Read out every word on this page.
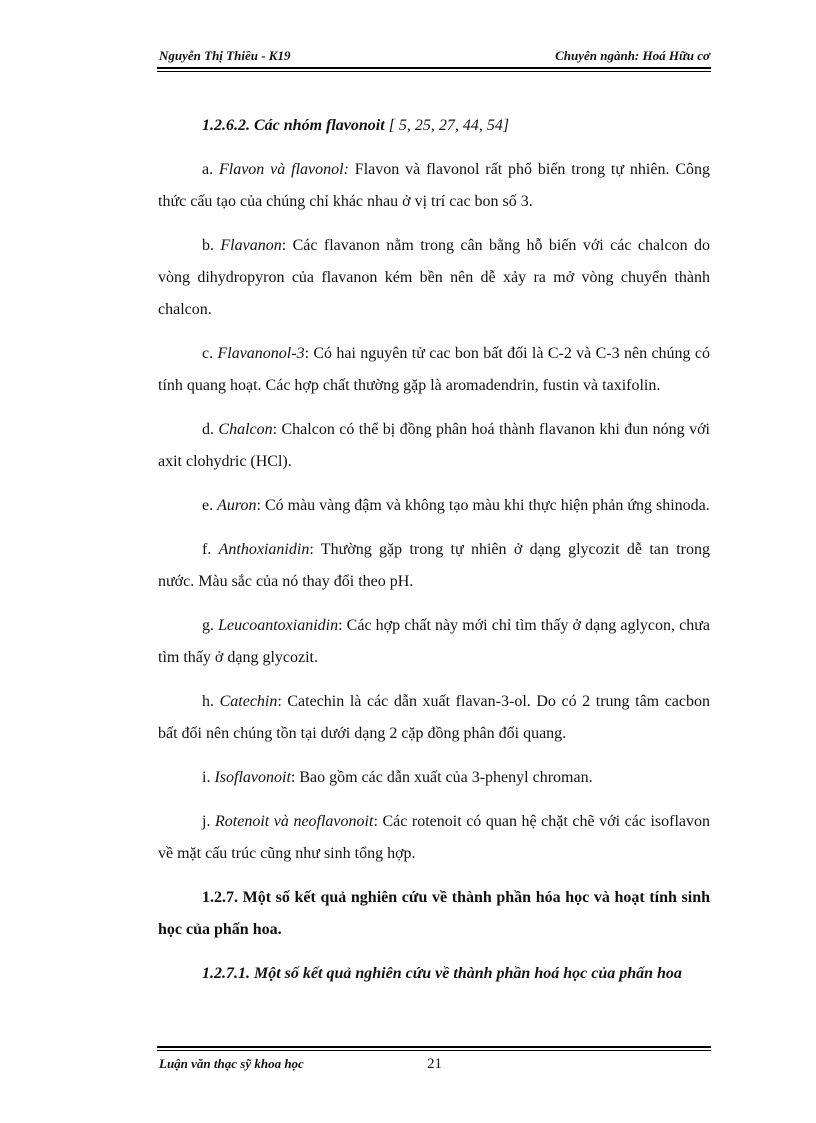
Nguyễn Thị Thiều - K19	Chuyên ngành: Hoá Hữu cơ

1.2.6.2. Các nhóm flavonoit [ 5, 25, 27, 44, 54]

a. Flavon và flavonol: Flavon và flavonol rất phổ biến trong tự nhiên. Công thức cấu tạo của chúng chỉ khác nhau ở vị trí cac bon số 3.

b. Flavanon: Các flavanon nằm trong cân bằng hỗ biến với các chalcon do vòng dihydropyron của flavanon kém bền nên dễ xảy ra mở vòng chuyển thành chalcon.

c. Flavanonol-3: Có hai nguyên tử cac bon bất đối là C-2 và C-3 nên chúng có tính quang hoạt. Các hợp chất thường gặp là aromadendrin, fustin và taxifolin.

d. Chalcon: Chalcon có thể bị đồng phân hoá thành flavanon khi đun nóng với axit clohydric (HCl).

e. Auron: Có màu vàng đậm và không tạo màu khi thực hiện phản ứng shinoda.

f. Anthoxianidin: Thường gặp trong tự nhiên ở dạng glycozit dễ tan trong nước. Màu sắc của nó thay đổi theo pH.

g. Leucoantoxianidin: Các hợp chất này mới chỉ tìm thấy ở dạng aglycon, chưa tìm thấy ở dạng glycozit.

h. Catechin: Catechin là các dẫn xuất flavan-3-ol. Do có 2 trung tâm cacbon bất đối nên chúng tồn tại dưới dạng 2 cặp đồng phân đối quang.

i. Isoflavonoit: Bao gồm các dẫn xuất của 3-phenyl chroman.

j. Rotenoit và neoflavonoit: Các rotenoit có quan hệ chặt chẽ với các isoflavon về mặt cấu trúc cũng như sinh tổng hợp.

1.2.7. Một số kết quả nghiên cứu về thành phần hóa học và hoạt tính sinh học của phấn hoa.

1.2.7.1. Một số kết quả nghiên cứu về thành phần hoá học của phấn hoa

Luận văn thạc sỹ khoa học	21
